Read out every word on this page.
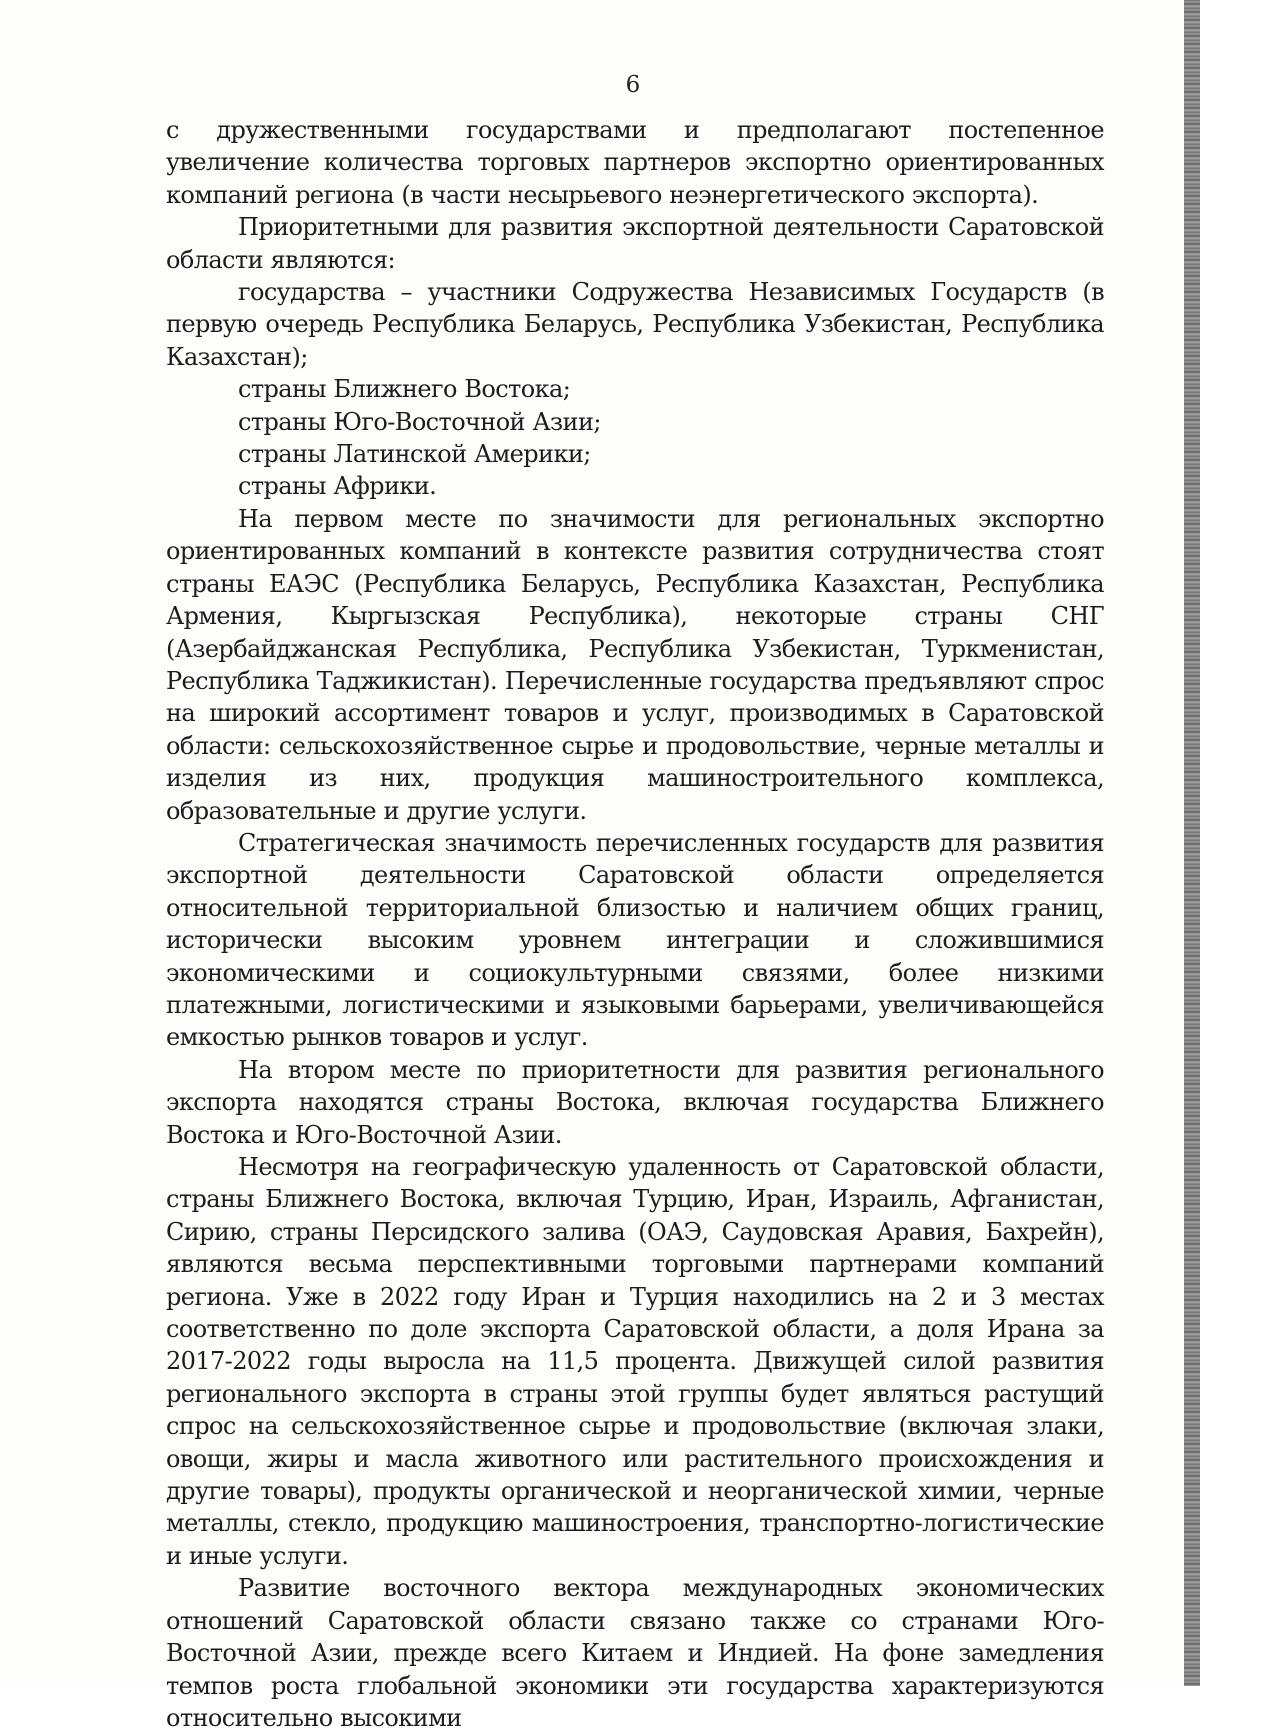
6

с дружественными государствами и предполагают постепенное увеличение количества торговых партнеров экспортно ориентированных компаний региона (в части несырьевого неэнергетического экспорта).

Приоритетными для развития экспортной деятельности Саратовской области являются:

государства – участники Содружества Независимых Государств (в первую очередь Республика Беларусь, Республика Узбекистан, Республика Казахстан);

страны Ближнего Востока;

страны Юго-Восточной Азии;

страны Латинской Америки;

страны Африки.

На первом месте по значимости для региональных экспортно ориентированных компаний в контексте развития сотрудничества стоят страны ЕАЭС (Республика Беларусь, Республика Казахстан, Республика Армения, Кыргызская Республика), некоторые страны СНГ (Азербайджанская Республика, Республика Узбекистан, Туркменистан, Республика Таджикистан). Перечисленные государства предъявляют спрос на широкий ассортимент товаров и услуг, производимых в Саратовской области: сельскохозяйственное сырье и продовольствие, черные металлы и изделия из них, продукция машиностроительного комплекса, образовательные и другие услуги.

Стратегическая значимость перечисленных государств для развития экспортной деятельности Саратовской области определяется относительной территориальной близостью и наличием общих границ, исторически высоким уровнем интеграции и сложившимися экономическими и социокультурными связями, более низкими платежными, логистическими и языковыми барьерами, увеличивающейся емкостью рынков товаров и услуг.

На втором месте по приоритетности для развития регионального экспорта находятся страны Востока, включая государства Ближнего Востока и Юго-Восточной Азии.

Несмотря на географическую удаленность от Саратовской области, страны Ближнего Востока, включая Турцию, Иран, Израиль, Афганистан, Сирию, страны Персидского залива (ОАЭ, Саудовская Аравия, Бахрейн), являются весьма перспективными торговыми партнерами компаний региона. Уже в 2022 году Иран и Турция находились на 2 и 3 местах соответственно по доле экспорта Саратовской области, а доля Ирана за 2017-2022 годы выросла на 11,5 процента. Движущей силой развития регионального экспорта в страны этой группы будет являться растущий спрос на сельскохозяйственное сырье и продовольствие (включая злаки, овощи, жиры и масла животного или растительного происхождения и другие товары), продукты органической и неорганической химии, черные металлы, стекло, продукцию машиностроения, транспортно-логистические и иные услуги.

Развитие восточного вектора международных экономических отношений Саратовской области связано также со странами Юго-Восточной Азии, прежде всего Китаем и Индией. На фоне замедления темпов роста глобальной экономики эти государства характеризуются относительно высокими
